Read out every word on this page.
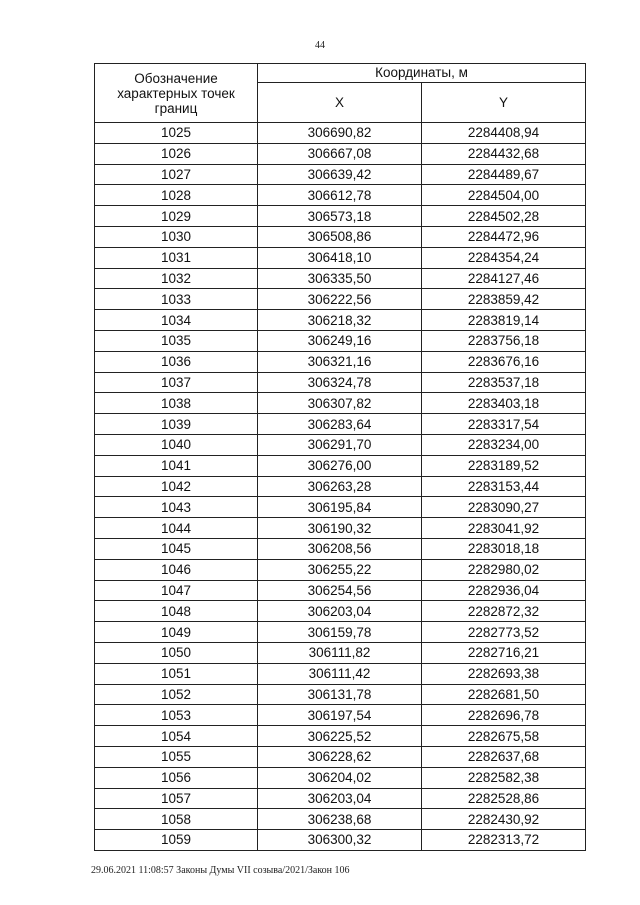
44
Обозначение характерных точек границ	Координаты, м	
	X	Y
1025	306690,82	2284408,94
1026	306667,08	2284432,68
1027	306639,42	2284489,67
1028	306612,78	2284504,00
1029	306573,18	2284502,28
1030	306508,86	2284472,96
1031	306418,10	2284354,24
1032	306335,50	2284127,46
1033	306222,56	2283859,42
1034	306218,32	2283819,14
1035	306249,16	2283756,18
1036	306321,16	2283676,16
1037	306324,78	2283537,18
1038	306307,82	2283403,18
1039	306283,64	2283317,54
1040	306291,70	2283234,00
1041	306276,00	2283189,52
1042	306263,28	2283153,44
1043	306195,84	2283090,27
1044	306190,32	2283041,92
1045	306208,56	2283018,18
1046	306255,22	2282980,02
1047	306254,56	2282936,04
1048	306203,04	2282872,32
1049	306159,78	2282773,52
1050	306111,82	2282716,21
1051	306111,42	2282693,38
1052	306131,78	2282681,50
1053	306197,54	2282696,78
1054	306225,52	2282675,58
1055	306228,62	2282637,68
1056	306204,02	2282582,38
1057	306203,04	2282528,86
1058	306238,68	2282430,92
1059	306300,32	2282313,72
29.06.2021 11:08:57 Законы Думы VII созыва/2021/Закон 106
